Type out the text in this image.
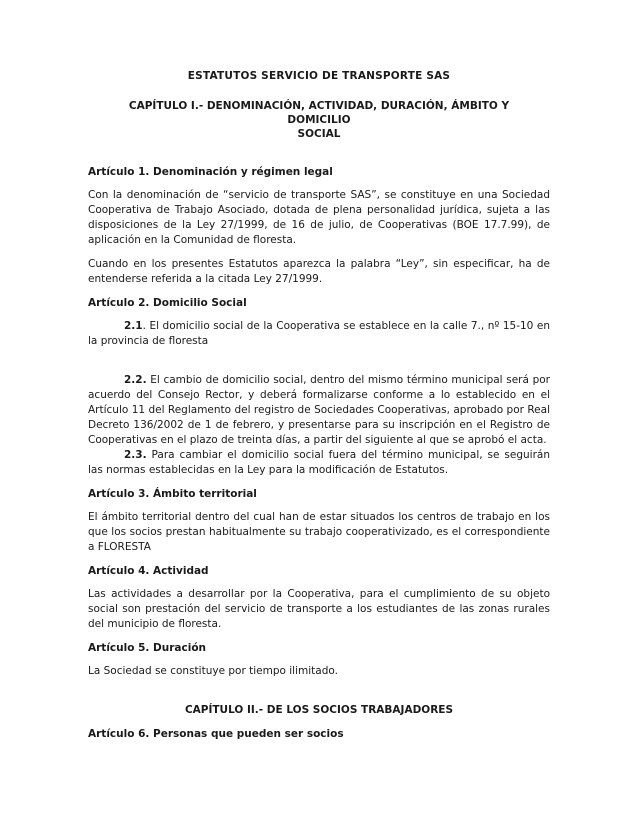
ESTATUTOS SERVICIO DE TRANSPORTE SAS
CAPÍTULO I.- DENOMINACIÓN, ACTIVIDAD, DURACIÓN, ÁMBITO Y
DOMICILIO
SOCIAL
Artículo 1. Denominación y régimen legal

Con la denominación de “servicio de transporte SAS”, se constituye en una Sociedad Cooperativa de Trabajo Asociado, dotada de plena personalidad jurídica, sujeta a las disposiciones de la Ley 27/1999, de 16 de julio, de Cooperativas (BOE 17.7.99), de aplicación en la Comunidad de floresta.

Cuando en los presentes Estatutos aparezca la palabra “Ley”, sin especificar, ha de entenderse referida a la citada Ley 27/1999.

Artículo 2. Domicilio Social

2.1. El domicilio social de la Cooperativa se establece en la calle 7., nº 15-10 en la provincia de floresta

2.2. El cambio de domicilio social, dentro del mismo término municipal será por acuerdo del Consejo Rector, y deberá formalizarse conforme a lo establecido en el Artículo 11 del Reglamento del registro de Sociedades Cooperativas, aprobado por Real Decreto 136/2002 de 1 de febrero, y presentarse para su inscripción en el Registro de Cooperativas en el plazo de treinta días, a partir del siguiente al que se aprobó el acta.

2.3. Para cambiar el domicilio social fuera del término municipal, se seguirán las normas establecidas en la Ley para la modificación de Estatutos.

Artículo 3. Ámbito territorial

El ámbito territorial dentro del cual han de estar situados los centros de trabajo en los que los socios prestan habitualmente su trabajo cooperativizado, es el correspondiente a FLORESTA

Artículo 4. Actividad

Las actividades a desarrollar por la Cooperativa, para el cumplimiento de su objeto social son prestación del servicio de transporte a los estudiantes de las zonas rurales del municipio de floresta.

Artículo 5. Duración

La Sociedad se constituye por tiempo ilimitado.

CAPÍTULO II.- DE LOS SOCIOS TRABAJADORES
Artículo 6. Personas que pueden ser socios
